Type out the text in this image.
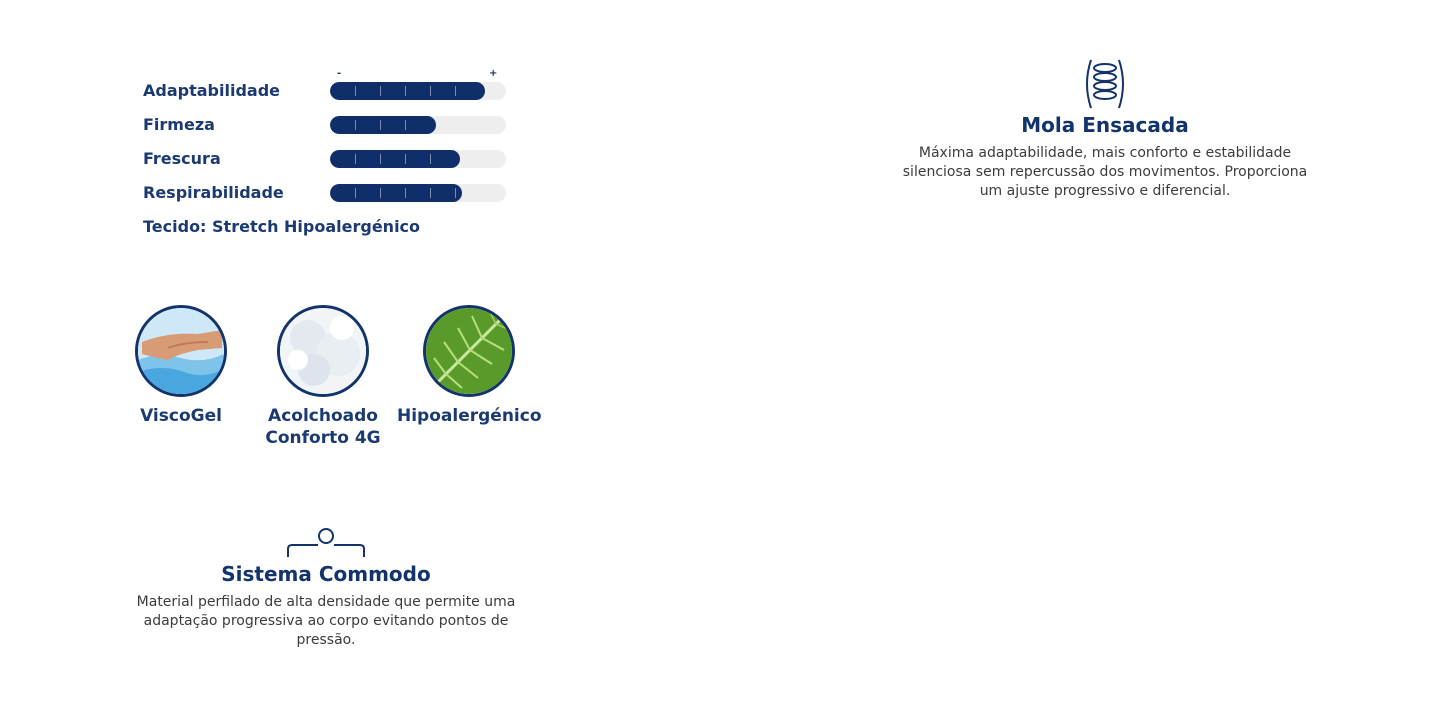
-	+
Adaptabilidade
Firmeza
Frescura
Respirabilidade
Tecido: Stretch Hipoalergénico
ViscoGel	Acolchoado
Conforto 4G
Hipoalergénico
Sistema Commodo
Material perfilado de alta densidade que permite uma adaptação progressiva ao corpo evitando pontos de pressão.
Mola Ensacada
Máxima adaptabilidade, mais conforto e estabilidade silenciosa sem repercussão dos movimentos. Proporciona um ajuste progressivo e diferencial.
